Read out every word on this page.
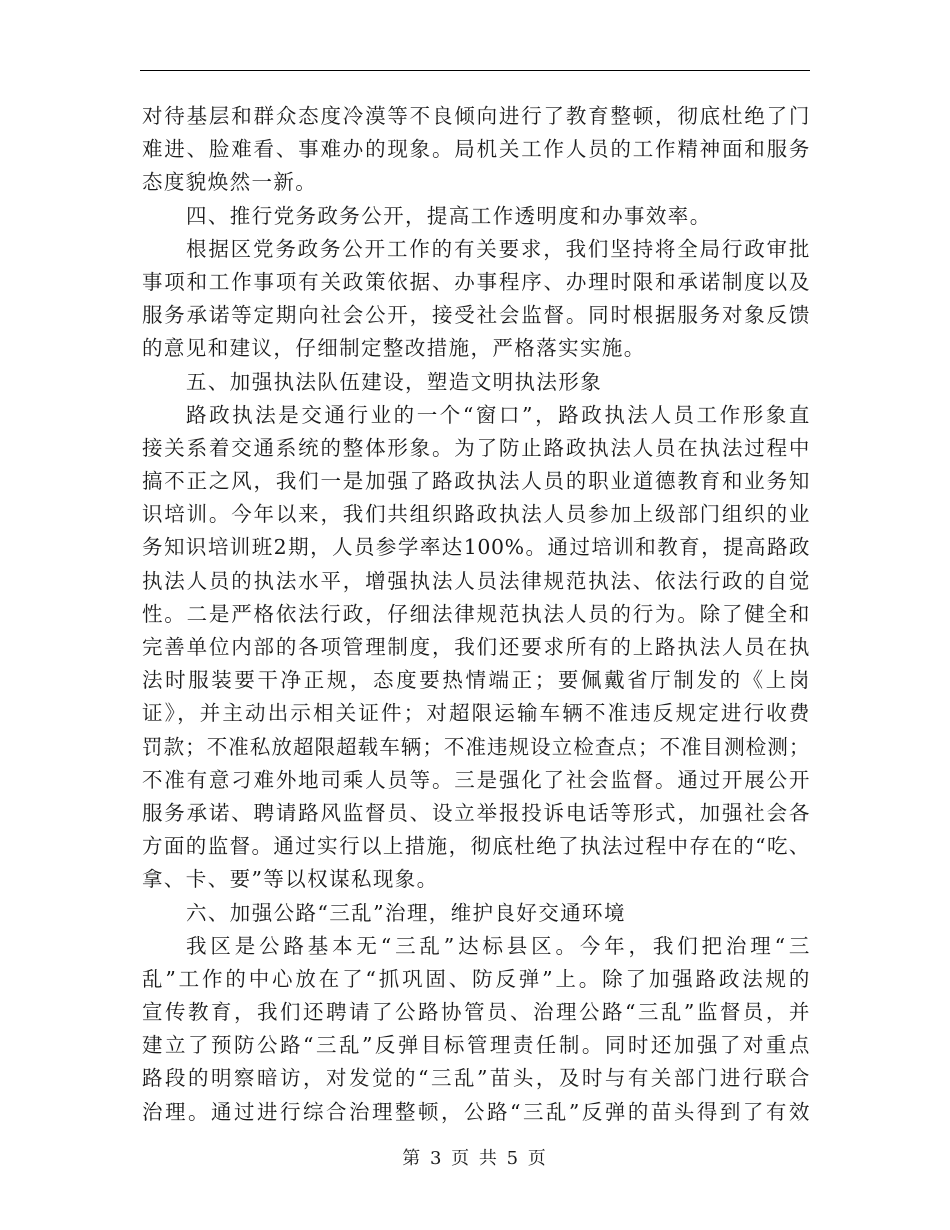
对待基层和群众态度冷漠等不良倾向进行了教育整顿，彻底杜绝了门
难进、脸难看、事难办的现象。局机关工作人员的工作精神面和服务
态度貌焕然一新。
四、推行党务政务公开，提高工作透明度和办事效率。
根据区党务政务公开工作的有关要求，我们坚持将全局行政审批
事项和工作事项有关政策依据、办事程序、办理时限和承诺制度以及
服务承诺等定期向社会公开，接受社会监督。同时根据服务对象反馈
的意见和建议，仔细制定整改措施，严格落实实施。
五、加强执法队伍建设，塑造文明执法形象
路政执法是交通行业的一个“窗口”，路政执法人员工作形象直
接关系着交通系统的整体形象。为了防止路政执法人员在执法过程中
搞不正之风，我们一是加强了路政执法人员的职业道德教育和业务知
识培训。今年以来，我们共组织路政执法人员参加上级部门组织的业
务知识培训班2期，人员参学率达100%。通过培训和教育，提高路政
执法人员的执法水平，增强执法人员法律规范执法、依法行政的自觉
性。二是严格依法行政，仔细法律规范执法人员的行为。除了健全和
完善单位内部的各项管理制度，我们还要求所有的上路执法人员在执
法时服装要干净正规，态度要热情端正；要佩戴省厅制发的《上岗
证》，并主动出示相关证件；对超限运输车辆不准违反规定进行收费
罚款；不准私放超限超载车辆；不准违规设立检查点；不准目测检测；
不准有意刁难外地司乘人员等。三是强化了社会监督。通过开展公开
服务承诺、聘请路风监督员、设立举报投诉电话等形式，加强社会各
方面的监督。通过实行以上措施，彻底杜绝了执法过程中存在的“吃、
拿、卡、要”等以权谋私现象。
六、加强公路“三乱”治理，维护良好交通环境
我区是公路基本无“三乱”达标县区。今年，我们把治理“三
乱”工作的中心放在了“抓巩固、防反弹”上。除了加强路政法规的
宣传教育，我们还聘请了公路协管员、治理公路“三乱”监督员，并
建立了预防公路“三乱”反弹目标管理责任制。同时还加强了对重点
路段的明察暗访，对发觉的“三乱”苗头，及时与有关部门进行联合
治理。通过进行综合治理整顿，公路“三乱”反弹的苗头得到了有效
第 3 页 共 5 页
